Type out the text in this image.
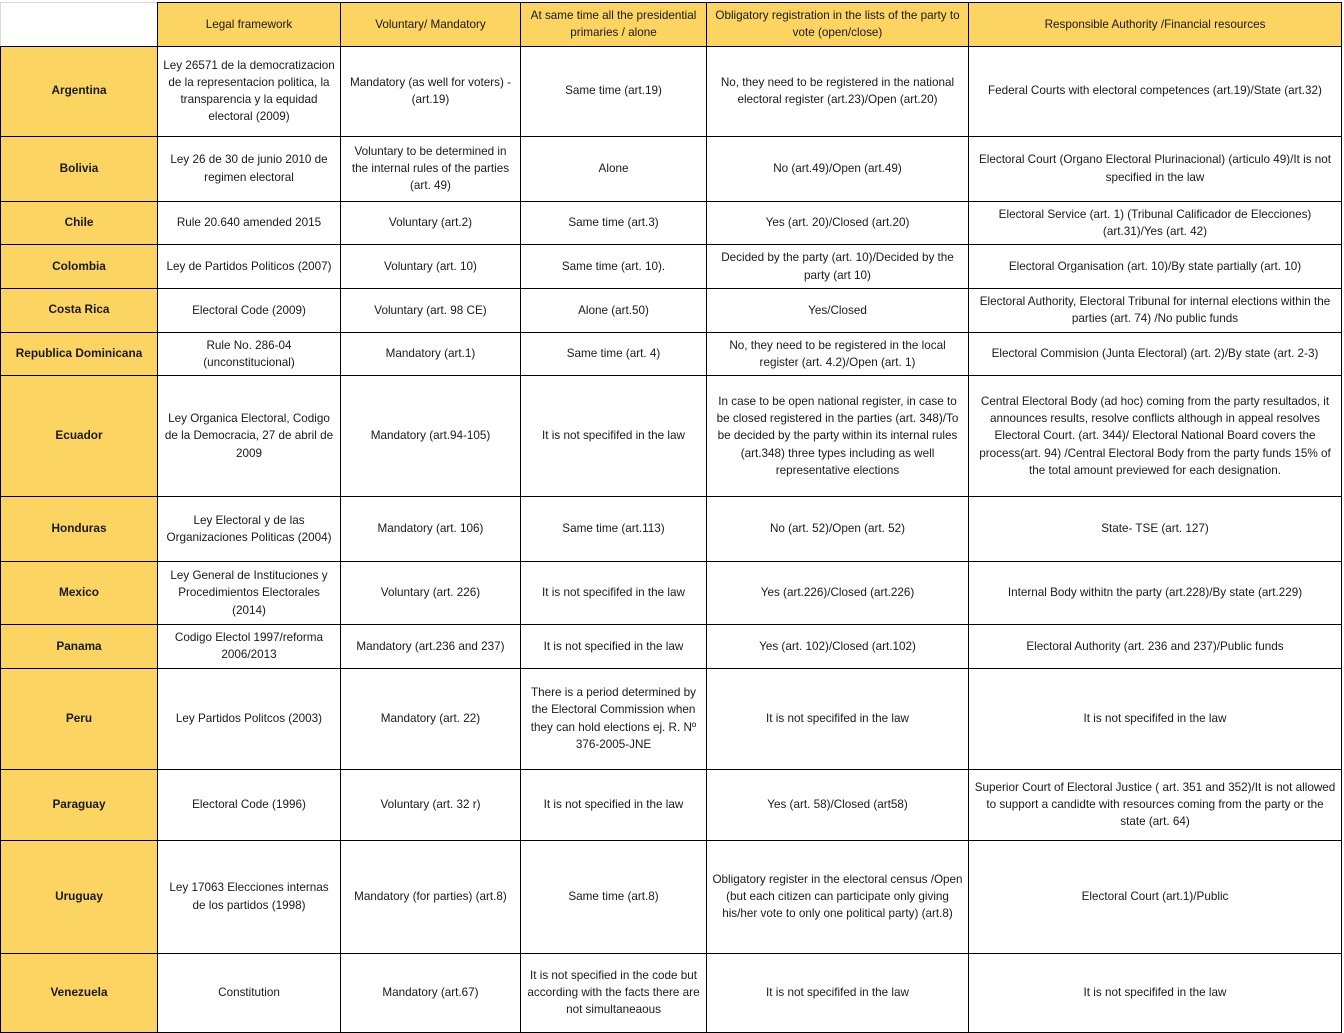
	Legal framework	Voluntary/ Mandatory	At same time all the presidential primaries / alone	Obligatory registration in the lists of the party to vote (open/close)	Responsible Authority /Financial resources
Argentina	Ley 26571 de la democratizacion de la representacion politica, la transparencia y la equidad electoral (2009)	Mandatory (as well for voters) - (art.19)	Same time (art.19)	No, they need to be registered in the national electoral register (art.23)/Open (art.20)	Federal Courts with electoral competences (art.19)/State (art.32)
Bolivia	Ley 26 de 30 de junio 2010 de regimen electoral	Voluntary to be determined in the internal rules of the parties (art. 49)	Alone	No (art.49)/Open (art.49)	Electoral Court (Organo Electoral Plurinacional) (articulo 49)/It is not specified in the law
Chile	Rule 20.640 amended 2015	Voluntary (art.2)	Same time (art.3)	Yes (art. 20)/Closed (art.20)	Electoral Service (art. 1) (Tribunal Calificador de Elecciones) (art.31)/Yes (art. 42)
Colombia	Ley de Partidos Politicos (2007)	Voluntary (art. 10)	Same time (art. 10).	Decided by the party (art. 10)/Decided by the party (art 10)	Electoral Organisation (art. 10)/By state partially (art. 10)
Costa Rica	Electoral Code (2009)	Voluntary (art. 98 CE)	Alone (art.50)	Yes/Closed	Electoral Authority, Electoral Tribunal for internal elections within the parties (art. 74) /No public funds
Republica Dominicana	Rule No. 286-04 (unconstitucional)	Mandatory (art.1)	Same time (art. 4)	No, they need to be registered in the local register (art. 4.2)/Open (art. 1)	Electoral Commision (Junta Electoral) (art. 2)/By state (art. 2-3)
Ecuador	Ley Organica Electoral, Codigo de la Democracia, 27 de abril de 2009	Mandatory (art.94-105)	It is not specififed in the law	In case to be open national register, in case to be closed registered in the parties (art. 348)/To be decided by the party within its internal rules (art.348) three types including as well representative elections	Central Electoral Body (ad hoc) coming from the party resultados, it announces results, resolve conflicts although in appeal resolves Electoral Court. (art. 344)/ Electoral National Board covers the process(art. 94) /Central Electoral Body from the party funds 15% of the total amount previewed for each designation.
Honduras	Ley Electoral y de las Organizaciones Politicas (2004)	Mandatory (art. 106)	Same time (art.113)	No (art. 52)/Open (art. 52)	State- TSE (art. 127)
Mexico	Ley General de Instituciones y Procedimientos Electorales (2014)	Voluntary (art. 226)	It is not specififed in the law	Yes (art.226)/Closed (art.226)	Internal Body withitn the party (art.228)/By state (art.229)
Panama	Codigo Electol 1997/reforma 2006/2013	Mandatory (art.236 and 237)	It is not specified in the law	Yes (art. 102)/Closed (art.102)	Electoral Authority (art. 236 and 237)/Public funds
Peru	Ley Partidos Politcos (2003)	Mandatory (art. 22)	There is a period determined by the Electoral Commission when they can hold elections ej. R. Nº 376-2005-JNE	It is not specififed in the law	It is not specififed in the law
Paraguay	Electoral Code (1996)	Voluntary (art. 32 r)	It is not specified in the law	Yes (art. 58)/Closed (art58)	Superior Court of Electoral Justice ( art. 351 and 352)/It is not allowed to support a candidte with resources coming from the party or the state (art. 64)
Uruguay	Ley 17063 Elecciones internas de los partidos (1998)	Mandatory (for parties) (art.8)	Same time (art.8)	Obligatory register in the electoral census /Open (but each citizen can participate only giving his/her vote to only one political party) (art.8)	Electoral Court (art.1)/Public
Venezuela	Constitution	Mandatory (art.67)	It is not specified in the code but according with the facts there are not simultaneaous	It is not specififed in the law	It is not specififed in the law
